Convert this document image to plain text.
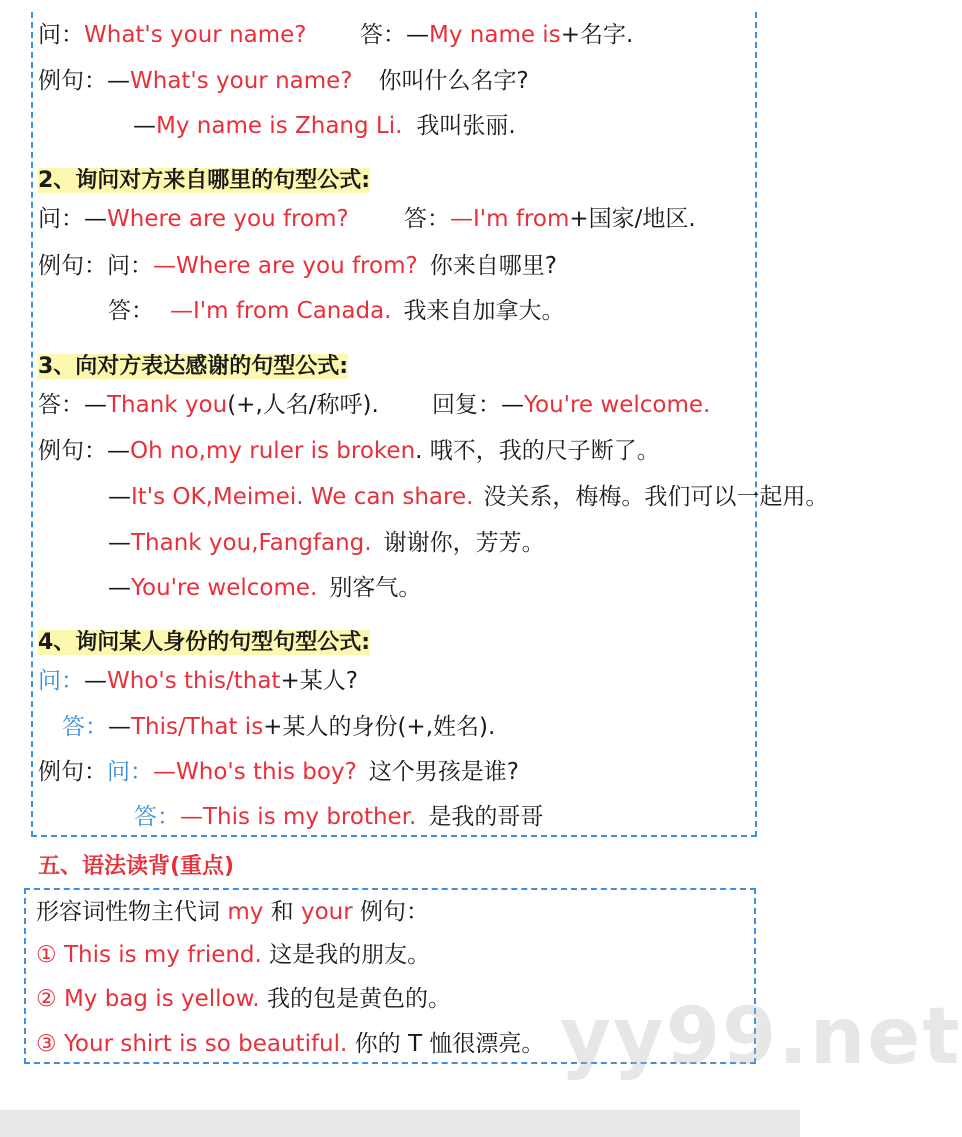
问：What's your name? 答：—My name is+名字.
例句：—What's your name? 你叫什么名字?
—My name is Zhang Li. 我叫张丽.
2、询问对方来自哪里的句型公式:
问：—Where are you from? 答：—I'm from+国家/地区.
例句：问：—Where are you from? 你来自哪里?
答： —I'm from Canada. 我来自加拿大。
3、向对方表达感谢的句型公式:
答：—Thank you(+,人名/称呼). 回复：—You're welcome.
例句：—Oh no,my ruler is broken. 哦不，我的尺子断了。
—It's OK,Meimei. We can share. 没关系，梅梅。我们可以一起用。
—Thank you,Fangfang. 谢谢你，芳芳。
—You're welcome. 别客气。
4、询问某人身份的句型句型公式:
问：—Who's this/that+某人?
答：—This/That is+某人的身份(+,姓名).
例句：问：—Who's this boy? 这个男孩是谁?
答：—This is my brother. 是我的哥哥
五、语法读背(重点)
形容词性物主代词 my 和 your 例句：
① This is my friend. 这是我的朋友。
② My bag is yellow. 我的包是黄色的。
③ Your shirt is so beautiful. 你的 T 恤很漂亮。 yy99.net
